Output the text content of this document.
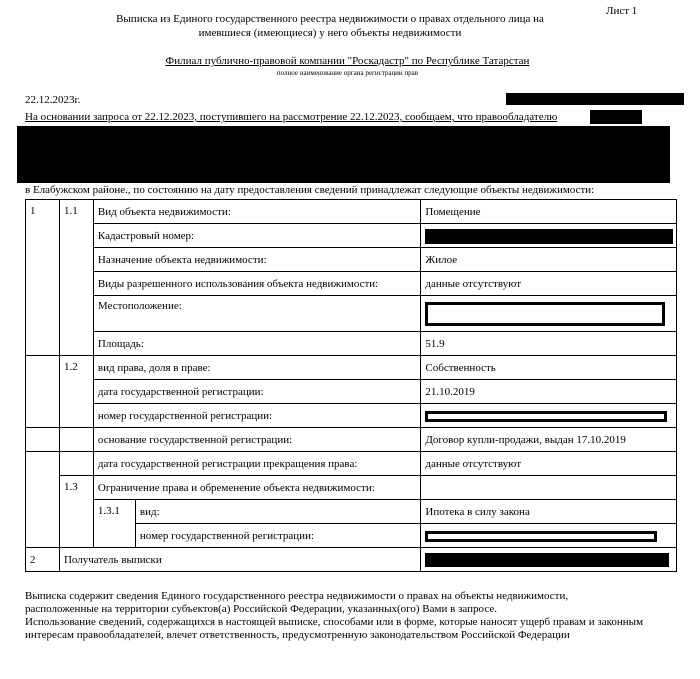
Лист 1
Выписка из Единого государственного реестра недвижимости о правах отдельного лица на
имевшиеся (имеющиеся) у него объекты недвижимости
Филиал публично-правовой компании "Роскадастр" по Республике Татарстан
полное наименование органа регистрации прав
22.12.2023г.
На основании запроса от 22.12.2023, поступившего на рассмотрение 22.12.2023, сообщаем, что правообладателю
в Елабужском районе., по состоянию на дату предоставления сведений принадлежат следующие объекты недвижимости:
1	1.1	Вид объекта недвижимости:		Помещение
		Кадастровый номер:		

		Назначение объекта недвижимости:		Жилое
		Виды разрешенного использования объекта недвижимости:		данные отсутствуют
		Местоположение:		

		Площадь:		51.9
	1.2	вид права, доля в праве:		Собственность
		дата государственной регистрации:		21.10.2019
		номер государственной регистрации:		

		основание государственной регистрации:		Договор купли-продажи, выдан 17.10.2019
		дата государственной регистрации прекращения права:		данные отсутствуют
	1.3	Ограничение права и обременение объекта недвижимости:		
		1.3.1	вид:	Ипотека в силу закона
			номер государственной регистрации:	

2	Получатель выписки			
Выписка содержит сведения Единого государственного реестра недвижимости о правах на объекты недвижимости,
расположенные на территории субъектов(а) Российской Федерации, указанных(ого) Вами в запросе.
Использование сведений, содержащихся в настоящей выписке, способами или в форме, которые наносят ущерб правам и законным
интересам правообладателей, влечет ответственность, предусмотренную законодательством Российской Федерации
